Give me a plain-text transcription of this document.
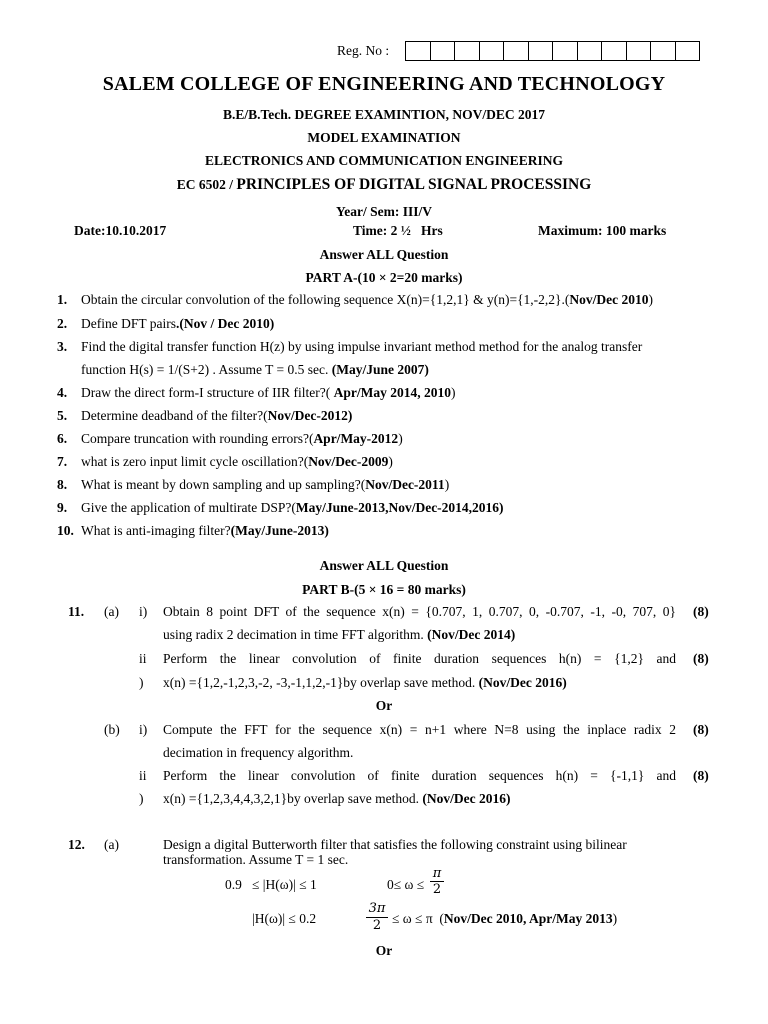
Reg. No :
SALEM COLLEGE OF ENGINEERING AND TECHNOLOGY
B.E/B.Tech. DEGREE EXAMINTION, NOV/DEC 2017
MODEL EXAMINATION
ELECTRONICS AND COMMUNICATION ENGINEERING
EC 6502 / PRINCIPLES OF DIGITAL SIGNAL PROCESSING
Year/ Sem: III/V
Date:10.10.2017	Time: 2 ½   Hrs	Maximum: 100 marks
Answer ALL Question
PART A-(10 × 2=20 marks)
1.	Obtain the circular convolution of the following sequence X(n)={1,2,1} & y(n)={1,-2,2}.(Nov/Dec 2010)
2.	Define DFT pairs.(Nov / Dec 2010)
3.	Find the digital transfer function H(z) by using impulse invariant method method for the analog transfer
function H(s) = 1/(S+2) . Assume T = 0.5 sec. (May/June 2007)
4.	Draw the direct form-I structure of IIR filter?( Apr/May 2014, 2010)
5.	Determine deadband of the filter?(Nov/Dec-2012)
6.	Compare truncation with rounding errors?(Apr/May-2012)
7.	what is zero input limit cycle oscillation?(Nov/Dec-2009)
8.	What is meant by down sampling and up sampling?(Nov/Dec-2011)
9.	Give the application of multirate DSP?(May/June-2013,Nov/Dec-2014,2016)
10. What is anti-imaging filter?(May/June-2013)
Answer ALL Question
PART B-(5 × 16 = 80 marks)
11. (a) i) Obtain 8 point DFT of the sequence x(n) = {0.707, 1, 0.707, 0, -0.707, -1, -0, 707, 0}
using radix 2 decimation in time FFT algorithm. (Nov/Dec 2014)
(8)
ii
)
Perform the linear convolution of finite duration sequences h(n) = {1,2} and
x(n) ={1,2,-1,2,3,-2, -3,-1,1,2,-1}by overlap save method. (Nov/Dec 2016)
(8)
Or
(b) i) Compute the FFT for the sequence x(n) = n+1 where N=8 using the inplace radix 2
decimation in frequency algorithm.
(8)
ii
)
Perform the linear convolution of finite duration sequences h(n) = {-1,1} and
x(n) ={1,2,3,4,4,3,2,1}by overlap save method. (Nov/Dec 2016)
(8)
12. (a)	Design a digital Butterworth filter that satisfies the following constraint using bilinear
transformation. Assume T = 1 sec.
0.9   ≤ |H(ω)| ≤ 1	$0\le \omega \le \frac{\pi}{2}$
|H(ω)| ≤ 0.2	$\frac{3\pi}{2} \le \omega \le \pi$  (Nov/Dec 2010, Apr/May 2013)
Or
